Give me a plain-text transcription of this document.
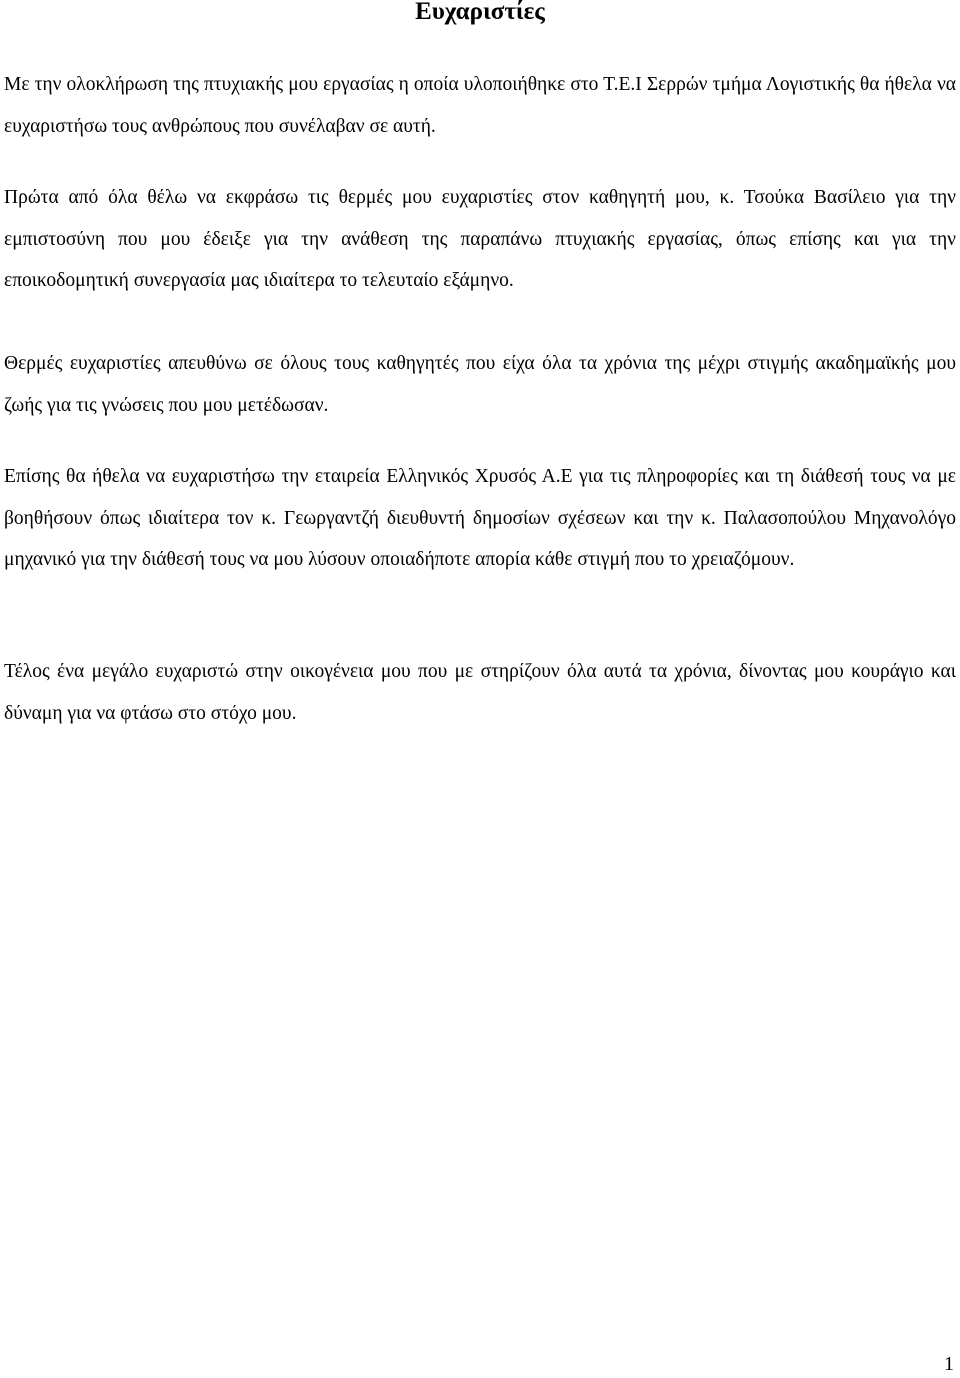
Ευχαριστίες

Με την ολοκλήρωση της πτυχιακής μου εργασίας η οποία υλοποιήθηκε στο Τ.Ε.Ι Σερρών τμήμα Λογιστικής θα ήθελα να ευχαριστήσω τους ανθρώπους που συνέλαβαν σε αυτή.

Πρώτα από όλα θέλω να εκφράσω τις θερμές μου ευχαριστίες στον καθηγητή μου, κ. Τσούκα Βασίλειο για την εμπιστοσύνη που μου έδειξε για την ανάθεση της παραπάνω πτυχιακής εργασίας, όπως επίσης και για την εποικοδομητική συνεργασία μας ιδιαίτερα το τελευταίο εξάμηνο.

Θερμές ευχαριστίες απευθύνω σε όλους τους καθηγητές που είχα όλα τα χρόνια της μέχρι στιγμής ακαδημαϊκής μου ζωής για τις γνώσεις που μου μετέδωσαν.

Επίσης θα ήθελα να ευχαριστήσω την εταιρεία Ελληνικός Χρυσός Α.Ε για τις πληροφορίες και τη διάθεσή τους να με βοηθήσουν όπως ιδιαίτερα τον κ. Γεωργαντζή διευθυντή δημοσίων σχέσεων και την κ. Παλασοπούλου Μηχανολόγο μηχανικό για την διάθεσή τους να μου λύσουν οποιαδήποτε απορία κάθε στιγμή που το χρειαζόμουν.

Τέλος ένα μεγάλο ευχαριστώ στην οικογένεια μου που με στηρίζουν όλα αυτά τα χρόνια, δίνοντας μου κουράγιο και δύναμη για να φτάσω στο στόχο μου.

1
